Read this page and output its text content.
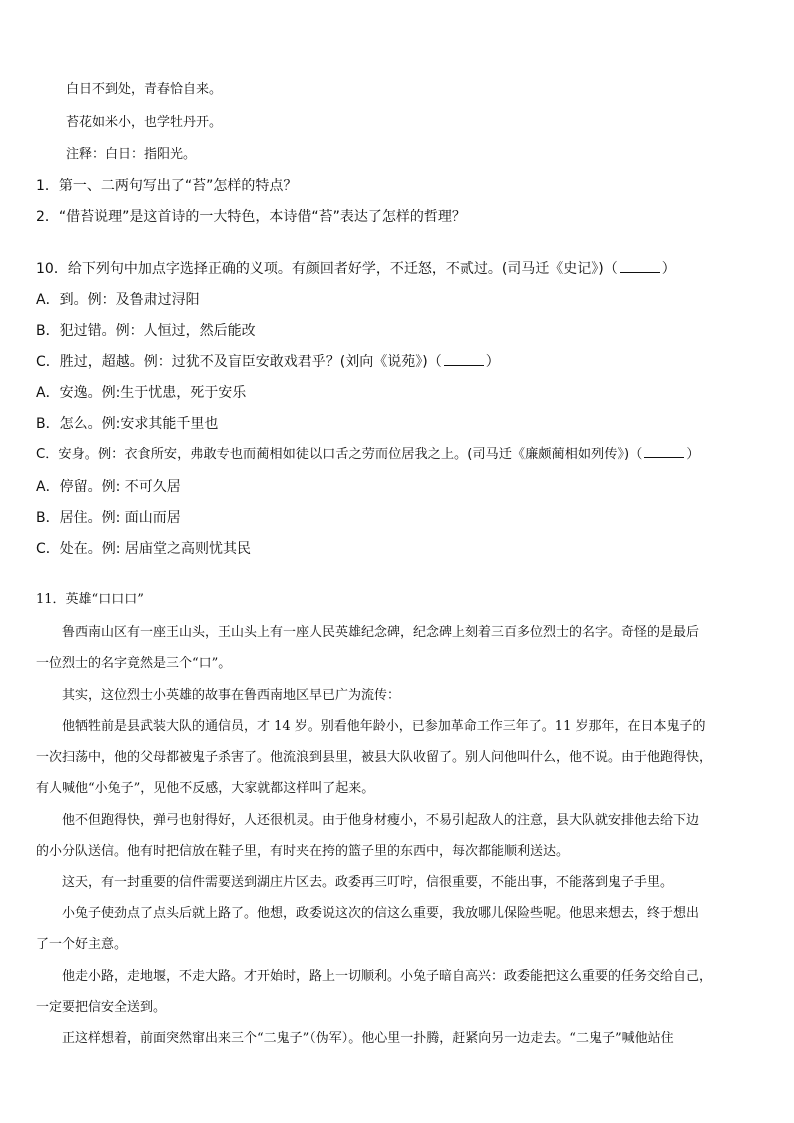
白日不到处，青春恰自来。
苔花如米小，也学牡丹开。
注释：白日：指阳光。
1．第一、二两句写出了“苔”怎样的特点？
2．“借苔说理”是这首诗的一大特色，本诗借“苔”表达了怎样的哲理？
10．给下列句中加点字选择正确的义项。有颜回者好学，不迁怒，不贰过。(司马迁《史记》)（	）
A．到。例：及鲁肃过浔阳
B．犯过错。例：人恒过，然后能改
C．胜过，超越。例：过犹不及盲臣安敢戏君乎？(刘向《说苑》)（	）
A．安逸。例:生于忧患，死于安乐
B．怎么。例:安求其能千里也
C．安身。例：衣食所安，弗敢专也而蔺相如徒以口舌之劳而位居我之上。(司马迁《廉颇蔺相如列传》)（	）
A．停留。例: 不可久居
B．居住。例: 面山而居
C．处在。例: 居庙堂之高则忧其民
11．英雄“口口口”
　　鲁西南山区有一座王山头，王山头上有一座人民英雄纪念碑，纪念碑上刻着三百多位烈士的名字。奇怪的是最后
一位烈士的名字竟然是三个“口”。
　　其实，这位烈士小英雄的故事在鲁西南地区早已广为流传：
　　他牺牲前是县武装大队的通信员，才 14 岁。别看他年龄小，已参加革命工作三年了。11 岁那年，在日本鬼子的
一次扫荡中，他的父母都被鬼子杀害了。他流浪到县里，被县大队收留了。别人问他叫什么，他不说。由于他跑得快，
有人喊他“小兔子”，见他不反感，大家就都这样叫了起来。
　　他不但跑得快，弹弓也射得好，人还很机灵。由于他身材瘦小，不易引起敌人的注意，县大队就安排他去给下边
的小分队送信。他有时把信放在鞋子里，有时夹在挎的篮子里的东西中，每次都能顺利送达。
　　这天，有一封重要的信件需要送到湖庄片区去。政委再三叮咛，信很重要，不能出事，不能落到鬼子手里。
　　小兔子使劲点了点头后就上路了。他想，政委说这次的信这么重要，我放哪儿保险些呢。他思来想去，终于想出
了一个好主意。
　　他走小路，走地堰，不走大路。才开始时，路上一切顺利。小兔子暗自高兴：政委能把这么重要的任务交给自己，
一定要把信安全送到。
　　正这样想着，前面突然窜出来三个“二鬼子”（伪军）。他心里一扑腾，赶紧向另一边走去。“二鬼子”喊他站住
